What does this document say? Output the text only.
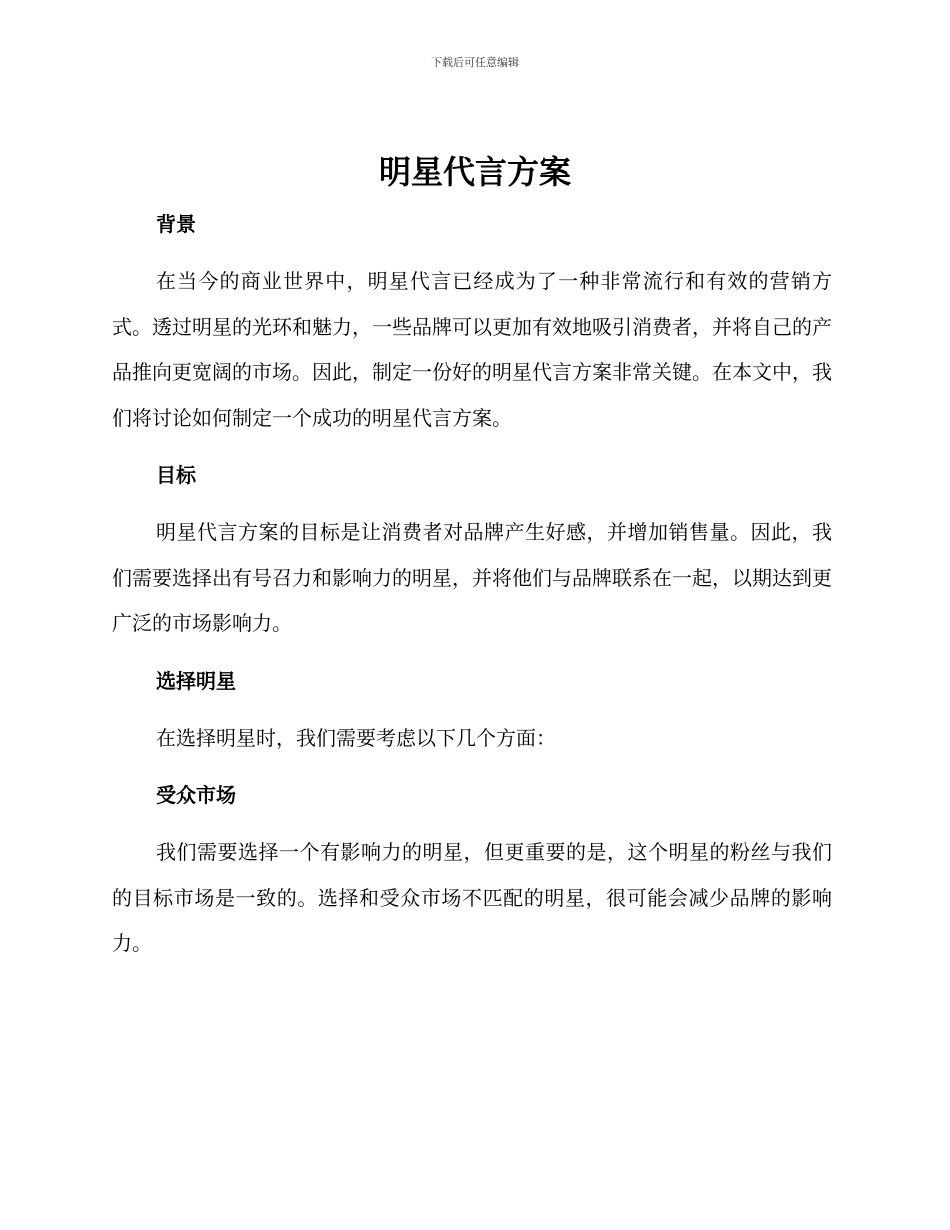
下载后可任意编辑
明星代言方案
背景

在当今的商业世界中，明星代言已经成为了一种非常流行和有效的营销方式。透过明星的光环和魅力，一些品牌可以更加有效地吸引消费者，并将自己的产品推向更宽阔的市场。因此，制定一份好的明星代言方案非常关键。在本文中，我们将讨论如何制定一个成功的明星代言方案。

目标

明星代言方案的目标是让消费者对品牌产生好感，并增加销售量。因此，我们需要选择出有号召力和影响力的明星，并将他们与品牌联系在一起，以期达到更广泛的市场影响力。

选择明星

在选择明星时，我们需要考虑以下几个方面：

受众市场

我们需要选择一个有影响力的明星，但更重要的是，这个明星的粉丝与我们的目标市场是一致的。选择和受众市场不匹配的明星，很可能会减少品牌的影响力。
